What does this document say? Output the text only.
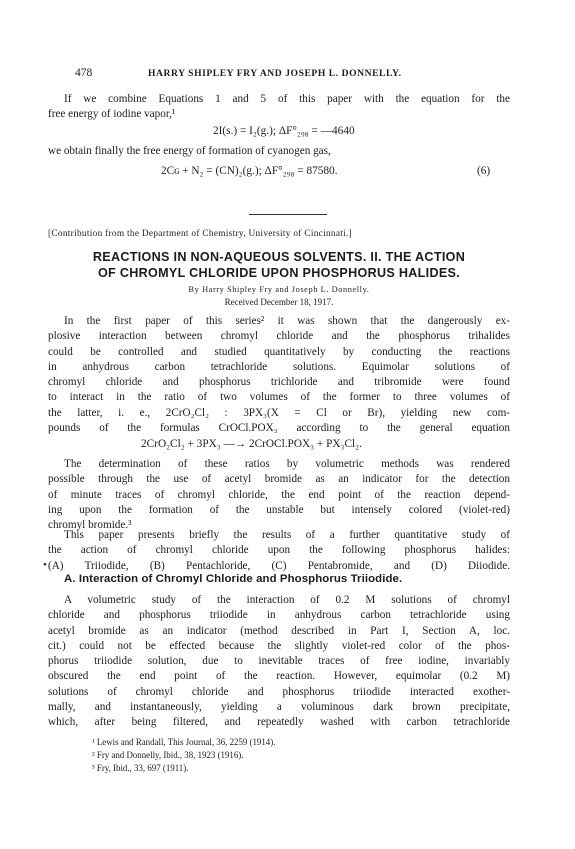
478	HARRY SHIPLEY FRY AND JOSEPH L. DONNELLY.
If we combine Equations 1 and 5 of this paper with the equation for the
free energy of iodine vapor,¹
2I(s.) = I₂(g.); ΔF°₂₉₈ = —4640
we obtain finally the free energy of formation of cyanogen gas,
2Cɢ + N₂ = (CN)₂(g.); ΔF°₂₉₈ = 87580.	(6)
[Contribution from the Department of Chemistry, University of Cincinnati.]
REACTIONS IN NON-AQUEOUS SOLVENTS. II. THE ACTION
OF CHROMYL CHLORIDE UPON PHOSPHORUS HALIDES.
By Harry Shipley Fry and Joseph L. Donnelly.
Received December 18, 1917.
In the first paper of this series² it was shown that the dangerously ex-
plosive interaction between chromyl chloride and the phosphorus trihalides
could be controlled and studied quantitatively by conducting the reactions
in anhydrous carbon tetrachloride solutions. Equimolar solutions of
chromyl chloride and phosphorus trichloride and tribromide were found
to interact in the ratio of two volumes of the former to three volumes of
the latter, i. e., 2CrO₂Cl₂ : 3PX₃(X = Cl or Br), yielding new com-
pounds of the formulas CrOCl.POX₃ according to the general equation
2CrO₂Cl₂ + 3PX₃ —→ 2CrOCl.POX₃ + PX₃Cl₂.
The determination of these ratios by volumetric methods was rendered
possible through the use of acetyl bromide as an indicator for the detection
of minute traces of chromyl chloride, the end point of the reaction depend-
ing upon the formation of the unstable but intensely colored (violet-red)
chromyl bromide.³
This paper presents briefly the results of a further quantitative study of
the action of chromyl chloride upon the following phosphorus halides:
(A) Triiodide, (B) Pentachloride, (C) Pentabromide, and (D) Diiodide.
•
A. Interaction of Chromyl Chloride and Phosphorus Triiodide.
A volumetric study of the interaction of 0.2 M solutions of chromyl
chloride and phosphorus triiodide in anhydrous carbon tetrachloride using
acetyl bromide as an indicator (method described in Part I, Section A, loc.
cit.) could not be effected because the slightly violet-red color of the phos-
phorus triiodide solution, due to inevitable traces of free iodine, invariably
obscured the end point of the reaction. However, equimolar (0.2 M)
solutions of chromyl chloride and phosphorus triiodide interacted exother-
mally, and instantaneously, yielding a voluminous dark brown precipitate,
which, after being filtered, and repeatedly washed with carbon tetrachloride
¹ Lewis and Randall, This Journal, 36, 2259 (1914).
² Fry and Donnelly, Ibid., 38, 1923 (1916).
³ Fry, Ibid., 33, 697 (1911).
